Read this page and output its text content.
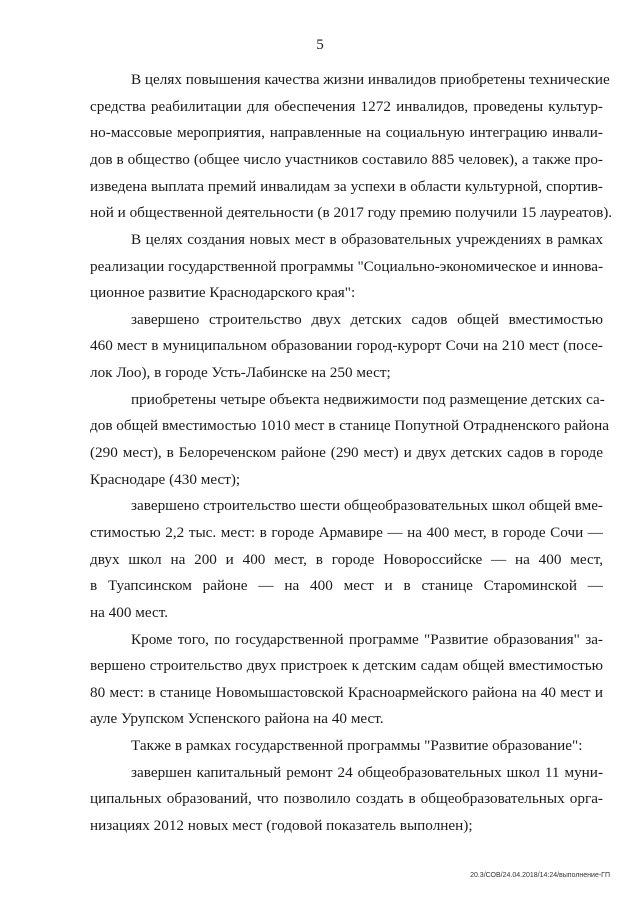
5
В целях повышения качества жизни инвалидов приобретены технические
средства реабилитации для обеспечения 1272 инвалидов, проведены культур-
но-массовые мероприятия, направленные на социальную интеграцию инвали-
дов в общество (общее число участников составило 885 человек), а также про-
изведена выплата премий инвалидам за успехи в области культурной, спортив-
ной и общественной деятельности (в 2017 году премию получили 15 лауреатов).
В целях создания новых мест в образовательных учреждениях в рамках
реализации государственной программы "Социально-экономическое и иннова-
ционное развитие Краснодарского края":
завершено строительство двух детских садов общей вместимостью
460 мест в муниципальном образовании город-курорт Сочи на 210 мест (посе-
лок Лоо), в городе Усть-Лабинске на 250 мест;
приобретены четыре объекта недвижимости под размещение детских са-
дов общей вместимостью 1010 мест в станице Попутной Отрадненского района
(290 мест), в Белореченском районе (290 мест) и двух детских садов в городе
Краснодаре (430 мест);
завершено строительство шести общеобразовательных школ общей вме-
стимостью 2,2 тыс. мест: в городе Армавире — на 400 мест, в городе Сочи —
двух школ на 200 и 400 мест, в городе Новороссийске — на 400 мест,
в Туапсинском районе — на 400 мест и в станице Староминской —
на 400 мест.
Кроме того, по государственной программе "Развитие образования" за-
вершено строительство двух пристроек к детским садам общей вместимостью
80 мест: в станице Новомышастовской Красноармейского района на 40 мест и
ауле Урупском Успенского района на 40 мест.
Также в рамках государственной программы "Развитие образование":
завершен капитальный ремонт 24 общеобразовательных школ 11 муни-
ципальных образований, что позволило создать в общеобразовательных орга-
низациях 2012 новых мест (годовой показатель выполнен);
20.3/СОВ/24.04.2018/14:24/выполнение-ГП
